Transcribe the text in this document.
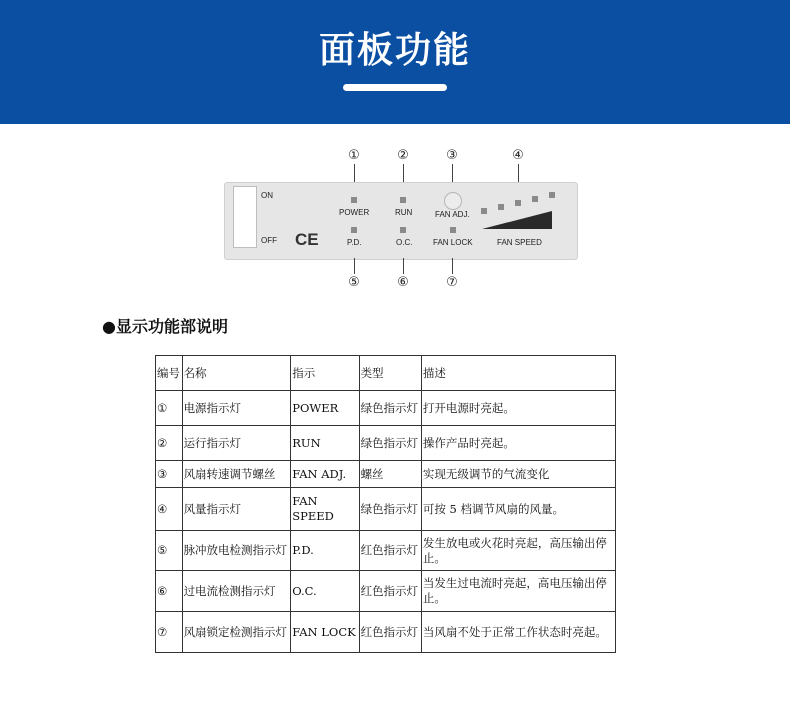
面板功能
①	②	③	④
ON
OFF CE
POWER
P.D.
RUN
O.C.
FAN ADJ.
FAN LOCK	FAN SPEED
⑤	⑥	⑦
●显示功能部说明
编号	名称	指示	类型	描述
①	电源指示灯	POWER	绿色指示灯	打开电源时亮起。
②	运行指示灯	RUN	绿色指示灯	操作产品时亮起。
③	风扇转速调节螺丝	FAN ADJ.	螺丝	实现无级调节的气流变化
④	风量指示灯	FAN SPEED	绿色指示灯	可按 5 档调节风扇的风量。
⑤	脉冲放电检测指示灯	P.D.	红色指示灯	发生放电或火花时亮起，高压输出停止。
⑥	过电流检测指示灯	O.C.	红色指示灯	当发生过电流时亮起，高电压输出停止。
⑦	风扇锁定检测指示灯	FAN LOCK	红色指示灯	当风扇不处于正常工作状态时亮起。
